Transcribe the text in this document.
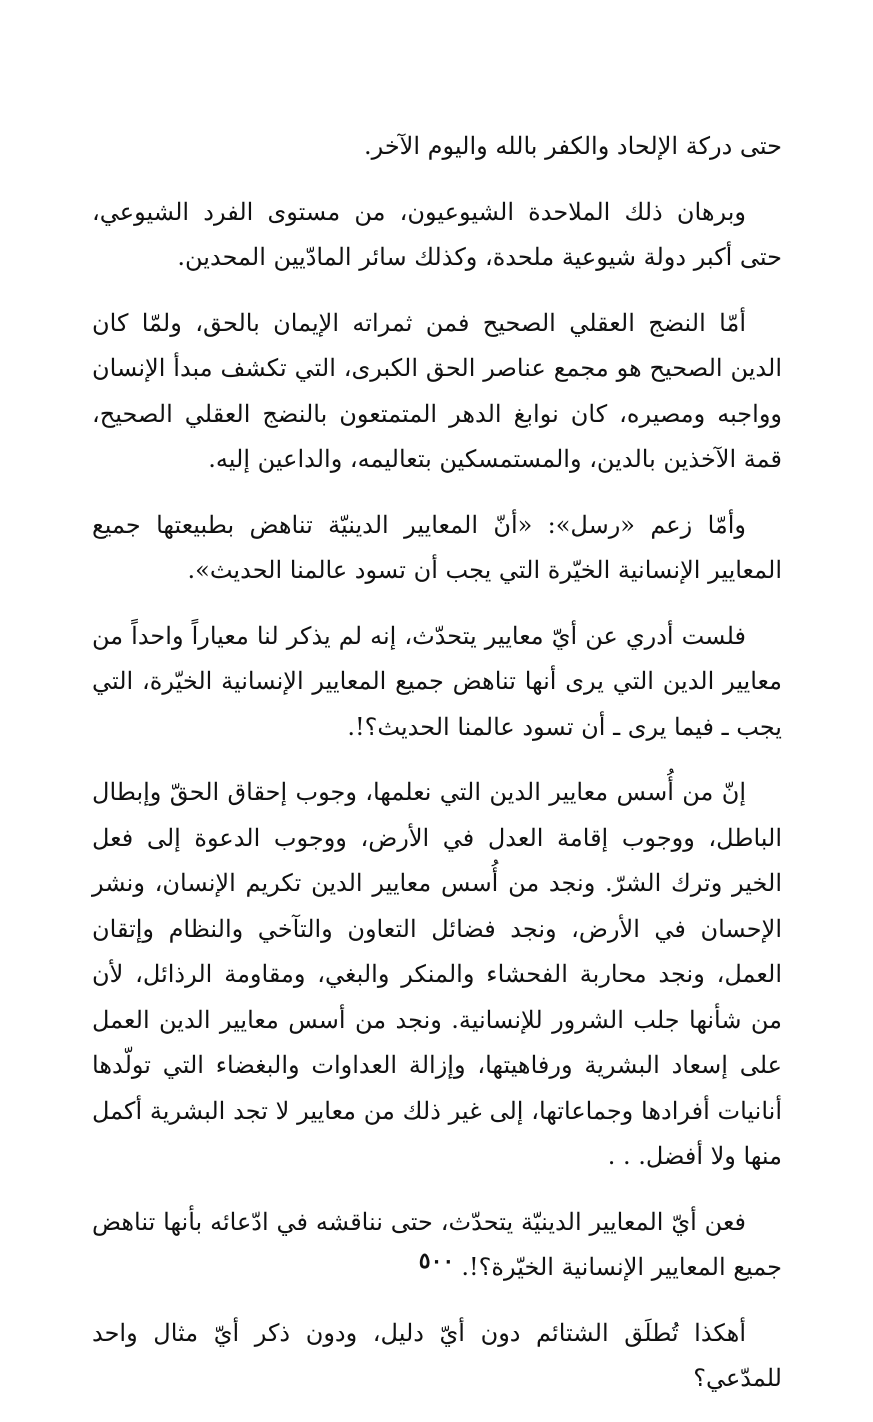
حتى دركة الإلحاد والكفر بالله واليوم الآخر.

وبرهان ذلك الملاحدة الشيوعيون، من مستوى الفرد الشيوعي، حتى أكبر دولة شيوعية ملحدة، وكذلك سائر المادّيين المحدين.

أمّا النضج العقلي الصحيح فمن ثمراته الإيمان بالحق، ولمّا كان الدين الصحيح هو مجمع عناصر الحق الكبرى، التي تكشف مبدأ الإنسان وواجبه ومصيره، كان نوابغ الدهر المتمتعون بالنضج العقلي الصحيح، قمة الآخذين بالدين، والمستمسكين بتعاليمه، والداعين إليه.

وأمّا زعم «رسل»: «أنّ المعايير الدينيّة تناهض بطبيعتها جميع المعايير الإنسانية الخيّرة التي يجب أن تسود عالمنا الحديث».

فلست أدري عن أيّ معايير يتحدّث، إنه لم يذكر لنا معياراً واحداً من معايير الدين التي يرى أنها تناهض جميع المعايير الإنسانية الخيّرة، التي يجب ـ فيما يرى ـ أن تسود عالمنا الحديث؟!.

إنّ من أُسس معايير الدين التي نعلمها، وجوب إحقاق الحقّ وإبطال الباطل، ووجوب إقامة العدل في الأرض، ووجوب الدعوة إلى فعل الخير وترك الشرّ. ونجد من أُسس معايير الدين تكريم الإنسان، ونشر الإحسان في الأرض، ونجد فضائل التعاون والتآخي والنظام وإتقان العمل، ونجد محاربة الفحشاء والمنكر والبغي، ومقاومة الرذائل، لأن من شأنها جلب الشرور للإنسانية. ونجد من أسس معايير الدين العمل على إسعاد البشرية ورفاهيتها، وإزالة العداوات والبغضاء التي تولّدها أنانيات أفرادها وجماعاتها، إلى غير ذلك من معايير لا تجد البشرية أكمل منها ولا أفضل. . .

فعن أيّ المعايير الدينيّة يتحدّث، حتى نناقشه في ادّعائه بأنها تناهض جميع المعايير الإنسانية الخيّرة؟!.

أهكذا تُطلَق الشتائم دون أيّ دليل، ودون ذكر أيّ مثال واحد للمدّعي؟

٥٠٠
